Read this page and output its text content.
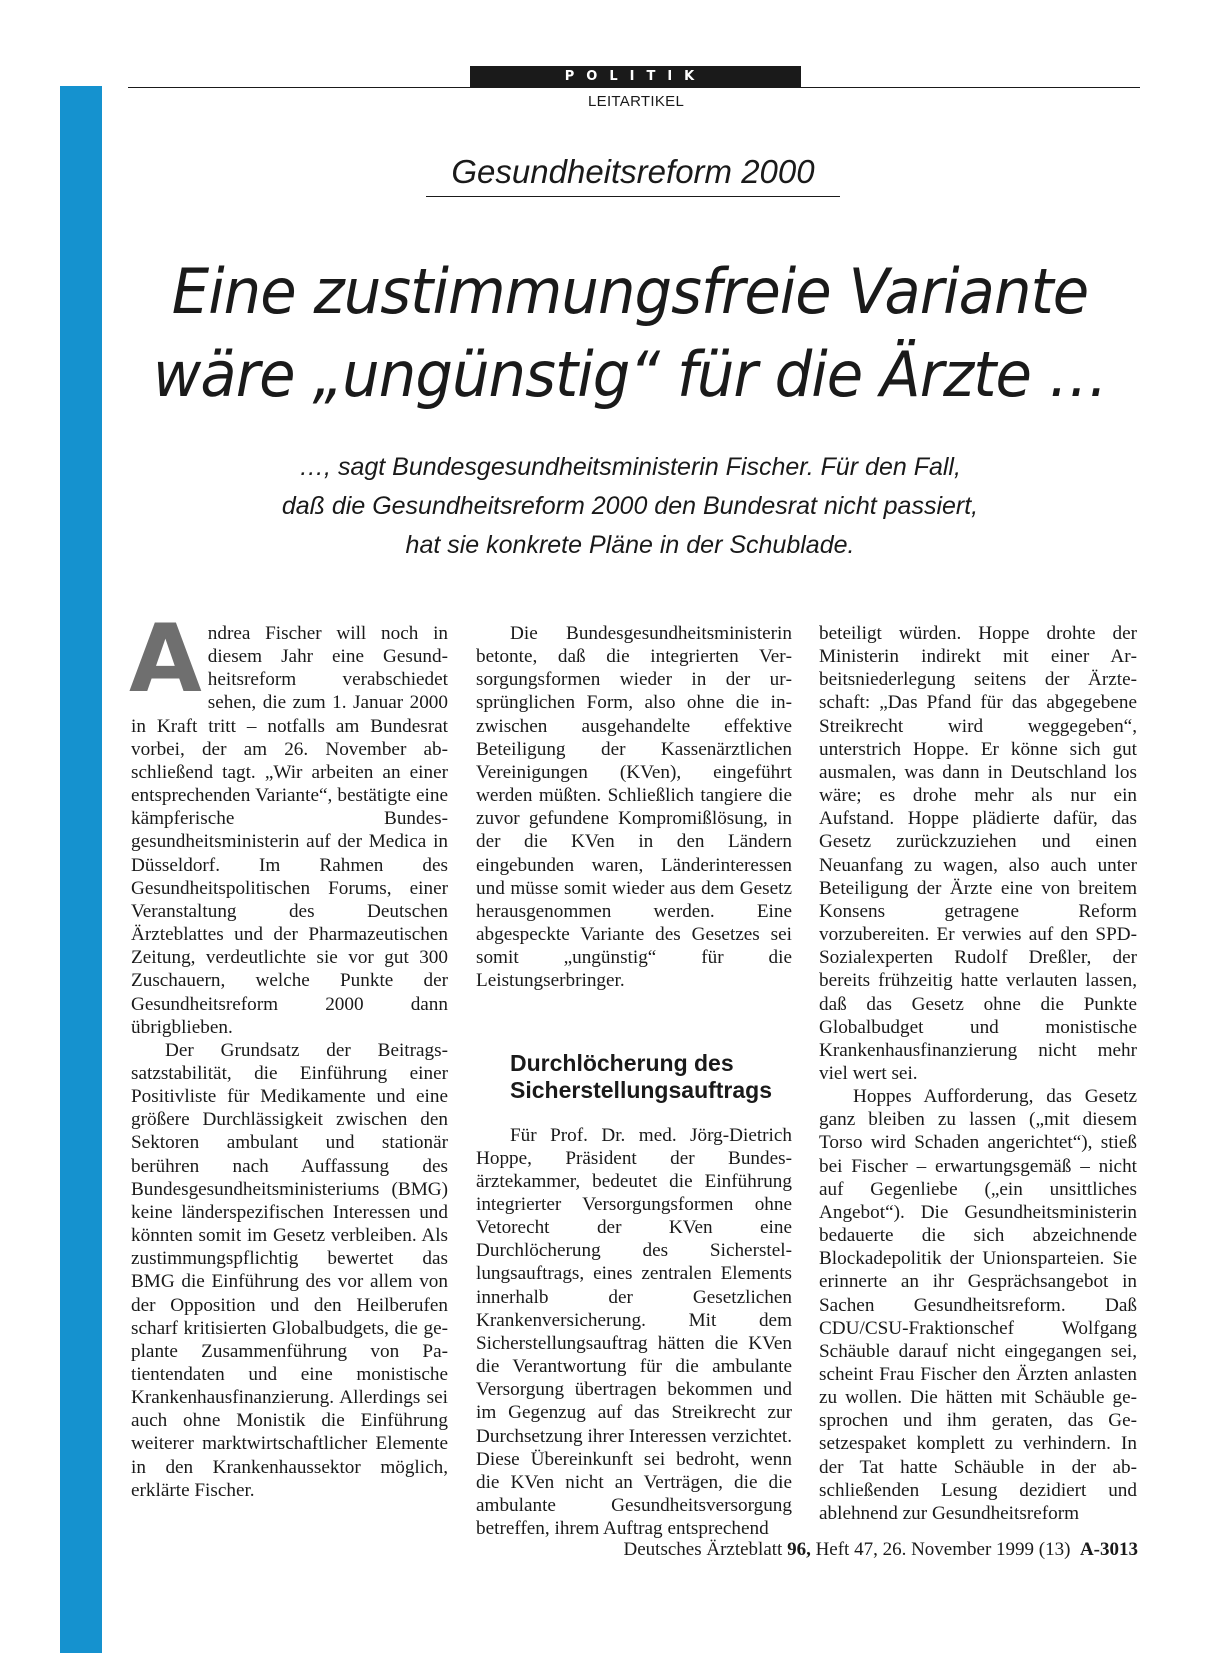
POLITIK
LEITARTIKEL
Gesundheitsreform 2000
Eine zustimmungsfreie Variante
wäre „ungünstig“ für die Ärzte …
…, sagt Bundesgesundheitsministerin Fischer. Für den Fall,
daß die Gesundheitsreform 2000 den Bundesrat nicht passiert,
hat sie konkrete Pläne in der Schublade.

Andrea Fischer will noch in diesem Jahr eine Gesundheitsreform verabschiedet sehen, die zum 1. Januar 2000 in Kraft tritt – notfalls am Bundesrat vorbei, der am 26. November abschließend tagt. „Wir arbeiten an einer entsprechenden Variante“, bestätigte eine kämpferische Bundesgesundheitsministerin auf der Medica in Düsseldorf. Im Rahmen des Gesundheitspolitischen Forums, einer Veranstaltung des Deutschen Ärzteblattes und der Pharmazeutischen Zeitung, verdeutlichte sie vor gut 300 Zuschauern, welche Punkte der Gesundheitsreform 2000 dann übrigblieben.

Der Grundsatz der Beitragssatzstabilität, die Einführung einer Positivliste für Medikamente und eine größere Durchlässigkeit zwischen den Sektoren ambulant und stationär berühren nach Auffassung des Bundesgesundheitsministeriums (BMG) keine länderspezifischen Interessen und könnten somit im Gesetz verbleiben. Als zustimmungspflichtig bewertet das BMG die Einführung des vor allem von der Opposition und den Heilberufen scharf kritisierten Globalbudgets, die geplante Zusammenführung von Patientendaten und eine monistische Krankenhausfinanzierung. Allerdings sei auch ohne Monistik die Einführung weiterer marktwirtschaftlicher Elemente in den Krankenhaussektor möglich, erklärte Fischer.

Die Bundesgesundheitsministerin betonte, daß die integrierten Versorgungsformen wieder in der ursprünglichen Form, also ohne die inzwischen ausgehandelte effektive Beteiligung der Kassenärztlichen Vereinigungen (KVen), eingeführt werden müßten. Schließlich tangiere die zuvor gefundene Kompromißlösung, in der die KVen in den Ländern eingebunden waren, Länderinteressen und müsse somit wieder aus dem Gesetz herausgenommen werden. Eine abgespeckte Variante des Gesetzes sei somit „ungünstig“ für die Leistungserbringer.

Durchlöcherung des
Sicherstellungsauftrags

Für Prof. Dr. med. Jörg-Dietrich Hoppe, Präsident der Bundesärztekammer, bedeutet die Einführung integrierter Versorgungsformen ohne Vetorecht der KVen eine Durchlöcherung des Sicherstellungsauftrags, eines zentralen Elements innerhalb der Gesetzlichen Krankenversicherung. Mit dem Sicherstellungsauftrag hätten die KVen die Verantwortung für die ambulante Versorgung übertragen bekommen und im Gegenzug auf das Streikrecht zur Durchsetzung ihrer Interessen verzichtet. Diese Übereinkunft sei bedroht, wenn die KVen nicht an Verträgen, die die ambulante Gesundheitsversorgung betreffen, ihrem Auftrag entsprechend

beteiligt würden. Hoppe drohte der Ministerin indirekt mit einer Arbeitsniederlegung seitens der Ärzteschaft: „Das Pfand für das abgegebene Streikrecht wird weggegeben“, unterstrich Hoppe. Er könne sich gut ausmalen, was dann in Deutschland los wäre; es drohe mehr als nur ein Aufstand. Hoppe plädierte dafür, das Gesetz zurückzuziehen und einen Neuanfang zu wagen, also auch unter Beteiligung der Ärzte eine von breitem Konsens getragene Reform vorzubereiten. Er verwies auf den SPD-Sozialexperten Rudolf Dreßler, der bereits frühzeitig hatte verlauten lassen, daß das Gesetz ohne die Punkte Globalbudget und monistische Krankenhausfinanzierung nicht mehr viel wert sei.

Hoppes Aufforderung, das Gesetz ganz bleiben zu lassen („mit diesem Torso wird Schaden angerichtet“), stieß bei Fischer – erwartungsgemäß – nicht auf Gegenliebe („ein unsittliches Angebot“). Die Gesundheitsministerin bedauerte die sich abzeichnende Blockadepolitik der Unionsparteien. Sie erinnerte an ihr Gesprächsangebot in Sachen Gesundheitsreform. Daß CDU/CSU-Fraktionschef Wolfgang Schäuble darauf nicht eingegangen sei, scheint Frau Fischer den Ärzten anlasten zu wollen. Die hätten mit Schäuble gesprochen und ihm geraten, das Gesetzespaket komplett zu verhindern. In der Tat hatte Schäuble in der abschließenden Lesung dezidiert und ablehnend zur Gesundheitsreform

Deutsches Ärzteblatt 96, Heft 47, 26. November 1999 (13) A-3013
